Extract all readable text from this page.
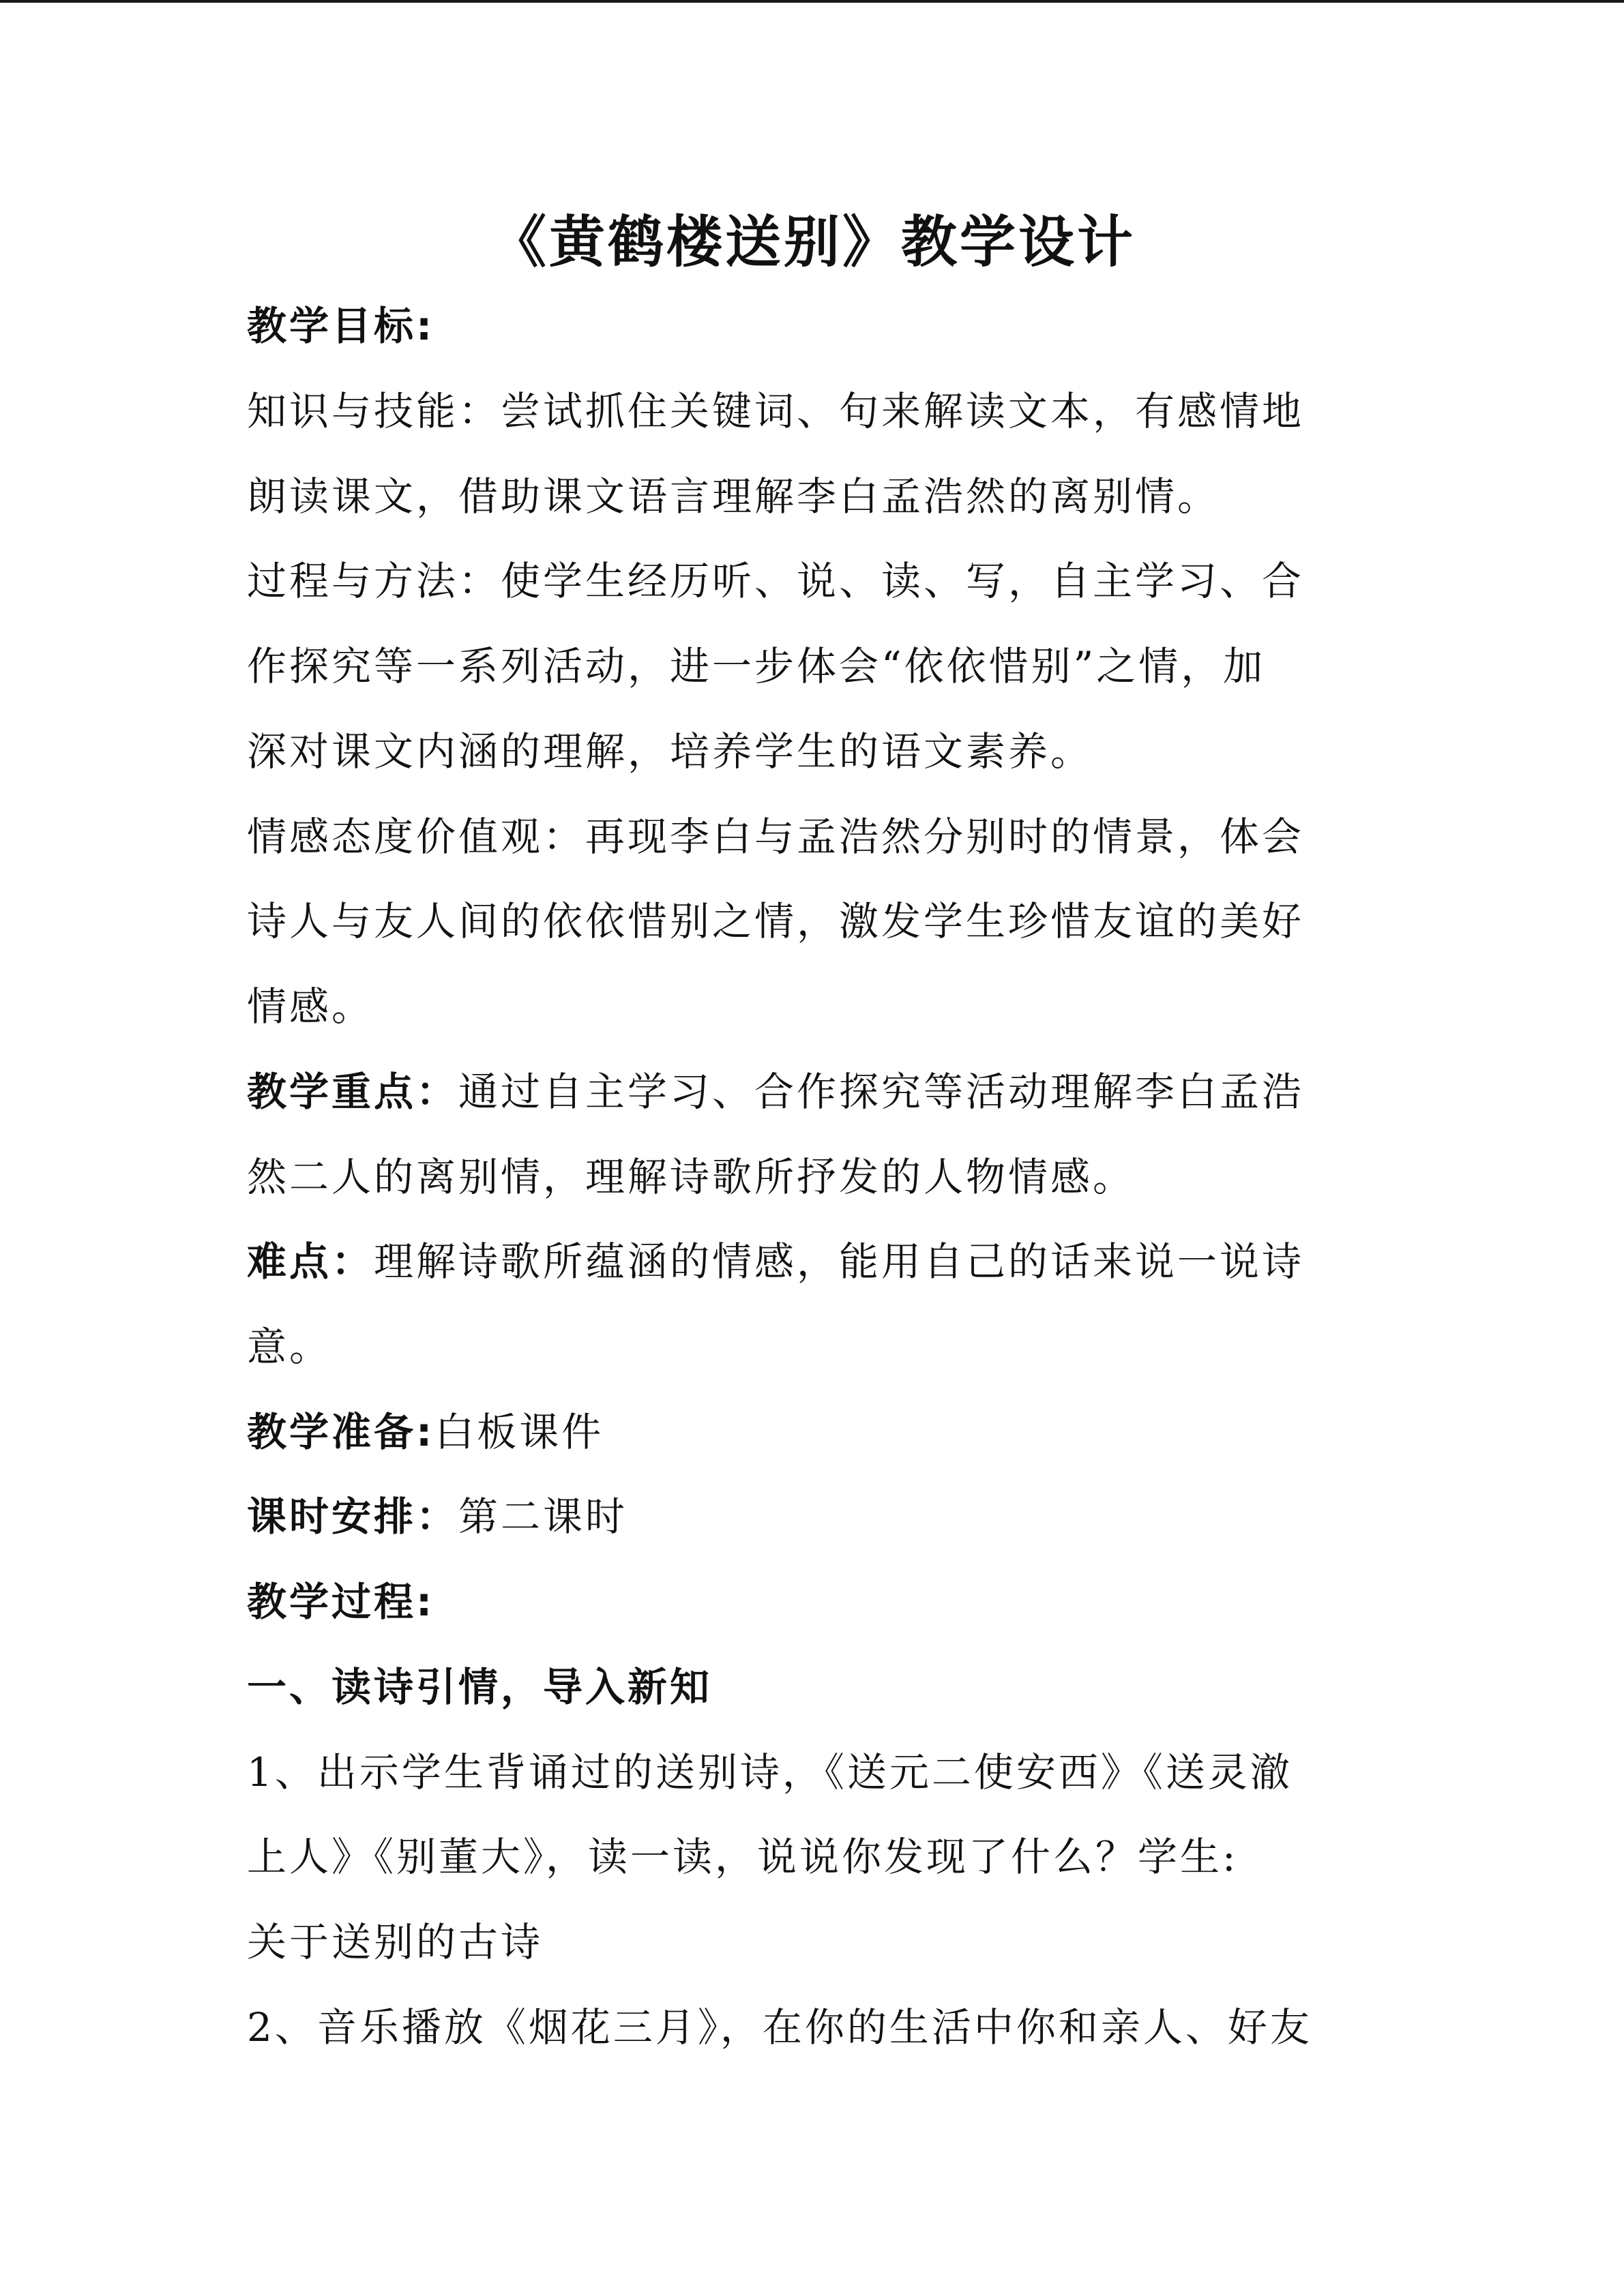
《黄鹤楼送别》教学设计
教学目标:
知识与技能：尝试抓住关键词、句来解读文本，有感情地
朗读课文，借助课文语言理解李白孟浩然的离别情。
过程与方法：使学生经历听、说、读、写，自主学习、合
作探究等一系列活动，进一步体会“依依惜别”之情，加
深对课文内涵的理解，培养学生的语文素养。
情感态度价值观：再现李白与孟浩然分别时的情景，体会
诗人与友人间的依依惜别之情，激发学生珍惜友谊的美好
情感。
教学重点：通过自主学习、合作探究等活动理解李白孟浩
然二人的离别情，理解诗歌所抒发的人物情感。
难点：理解诗歌所蕴涵的情感，能用自己的话来说一说诗
意。
教学准备:白板课件
课时安排：第二课时
教学过程:
一、读诗引情，导入新知
1、出示学生背诵过的送别诗，《送元二使安西》《送灵澈
上人》《别董大》，读一读，说说你发现了什么？学生:
关于送别的古诗
2、音乐播放《烟花三月》，在你的生活中你和亲人、好友
